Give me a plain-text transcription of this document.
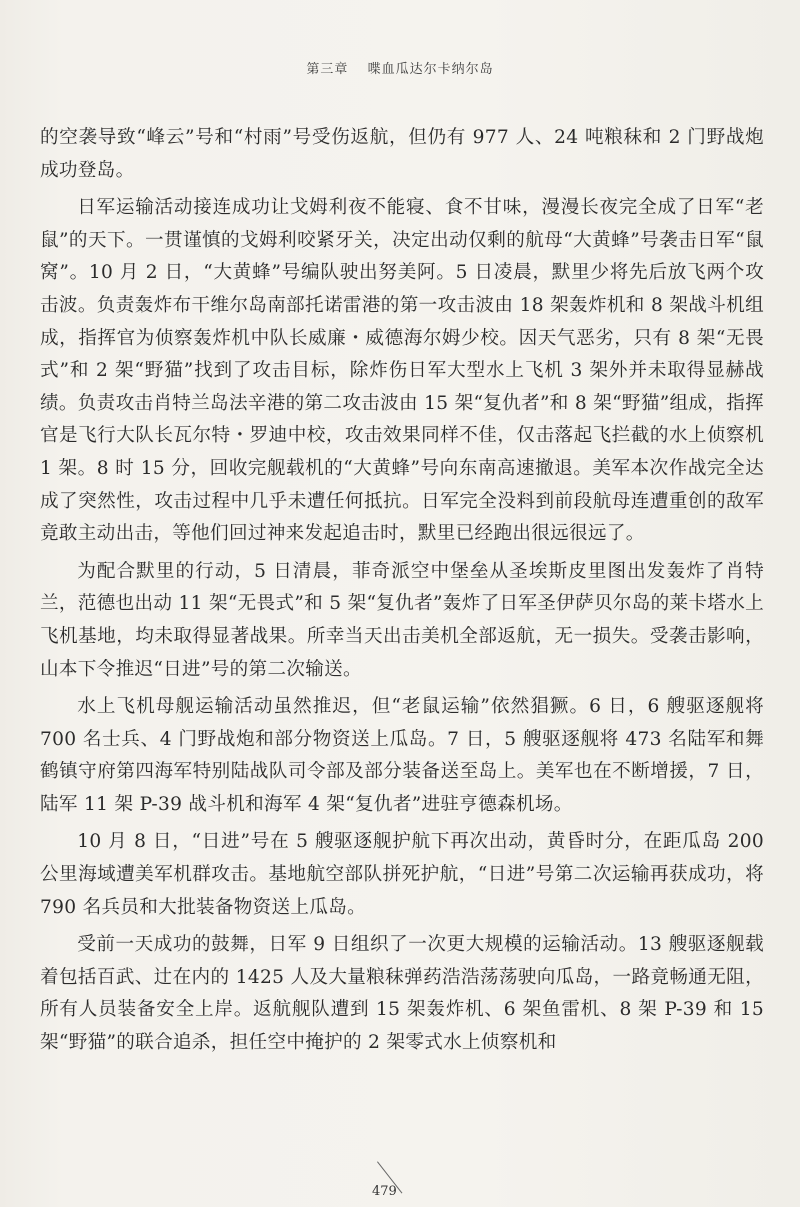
第三章 喋血瓜达尔卡纳尔岛

的空袭导致“峰云”号和“村雨”号受伤返航，但仍有 977 人、24 吨粮秣和 2 门野战炮成功登岛。

日军运输活动接连成功让戈姆利夜不能寝、食不甘味，漫漫长夜完全成了日军“老鼠”的天下。一贯谨慎的戈姆利咬紧牙关，决定出动仅剩的航母“大黄蜂”号袭击日军“鼠窝”。10 月 2 日，“大黄蜂”号编队驶出努美阿。5 日凌晨，默里少将先后放飞两个攻击波。负责轰炸布干维尔岛南部托诺雷港的第一攻击波由 18 架轰炸机和 8 架战斗机组成，指挥官为侦察轰炸机中队长威廉・威德海尔姆少校。因天气恶劣，只有 8 架“无畏式”和 2 架“野猫”找到了攻击目标，除炸伤日军大型水上飞机 3 架外并未取得显赫战绩。负责攻击肖特兰岛法辛港的第二攻击波由 15 架“复仇者”和 8 架“野猫”组成，指挥官是飞行大队长瓦尔特・罗迪中校，攻击效果同样不佳，仅击落起飞拦截的水上侦察机 1 架。8 时 15 分，回收完舰载机的“大黄蜂”号向东南高速撤退。美军本次作战完全达成了突然性，攻击过程中几乎未遭任何抵抗。日军完全没料到前段航母连遭重创的敌军竟敢主动出击，等他们回过神来发起追击时，默里已经跑出很远很远了。

为配合默里的行动，5 日清晨，菲奇派空中堡垒从圣埃斯皮里图出发轰炸了肖特兰，范德也出动 11 架“无畏式”和 5 架“复仇者”轰炸了日军圣伊萨贝尔岛的莱卡塔水上飞机基地，均未取得显著战果。所幸当天出击美机全部返航，无一损失。受袭击影响，山本下令推迟“日进”号的第二次输送。

水上飞机母舰运输活动虽然推迟，但“老鼠运输”依然猖獗。6 日，6 艘驱逐舰将 700 名士兵、4 门野战炮和部分物资送上瓜岛。7 日，5 艘驱逐舰将 473 名陆军和舞鹤镇守府第四海军特别陆战队司令部及部分装备送至岛上。美军也在不断增援，7 日，陆军 11 架 P-39 战斗机和海军 4 架“复仇者”进驻亨德森机场。

10 月 8 日，“日进”号在 5 艘驱逐舰护航下再次出动，黄昏时分，在距瓜岛 200 公里海域遭美军机群攻击。基地航空部队拼死护航，“日进”号第二次运输再获成功，将 790 名兵员和大批装备物资送上瓜岛。

受前一天成功的鼓舞，日军 9 日组织了一次更大规模的运输活动。13 艘驱逐舰载着包括百武、辻在内的 1425 人及大量粮秣弹药浩浩荡荡驶向瓜岛，一路竟畅通无阻，所有人员装备安全上岸。返航舰队遭到 15 架轰炸机、6 架鱼雷机、8 架 P-39 和 15 架“野猫”的联合追杀，担任空中掩护的 2 架零式水上侦察机和

479
